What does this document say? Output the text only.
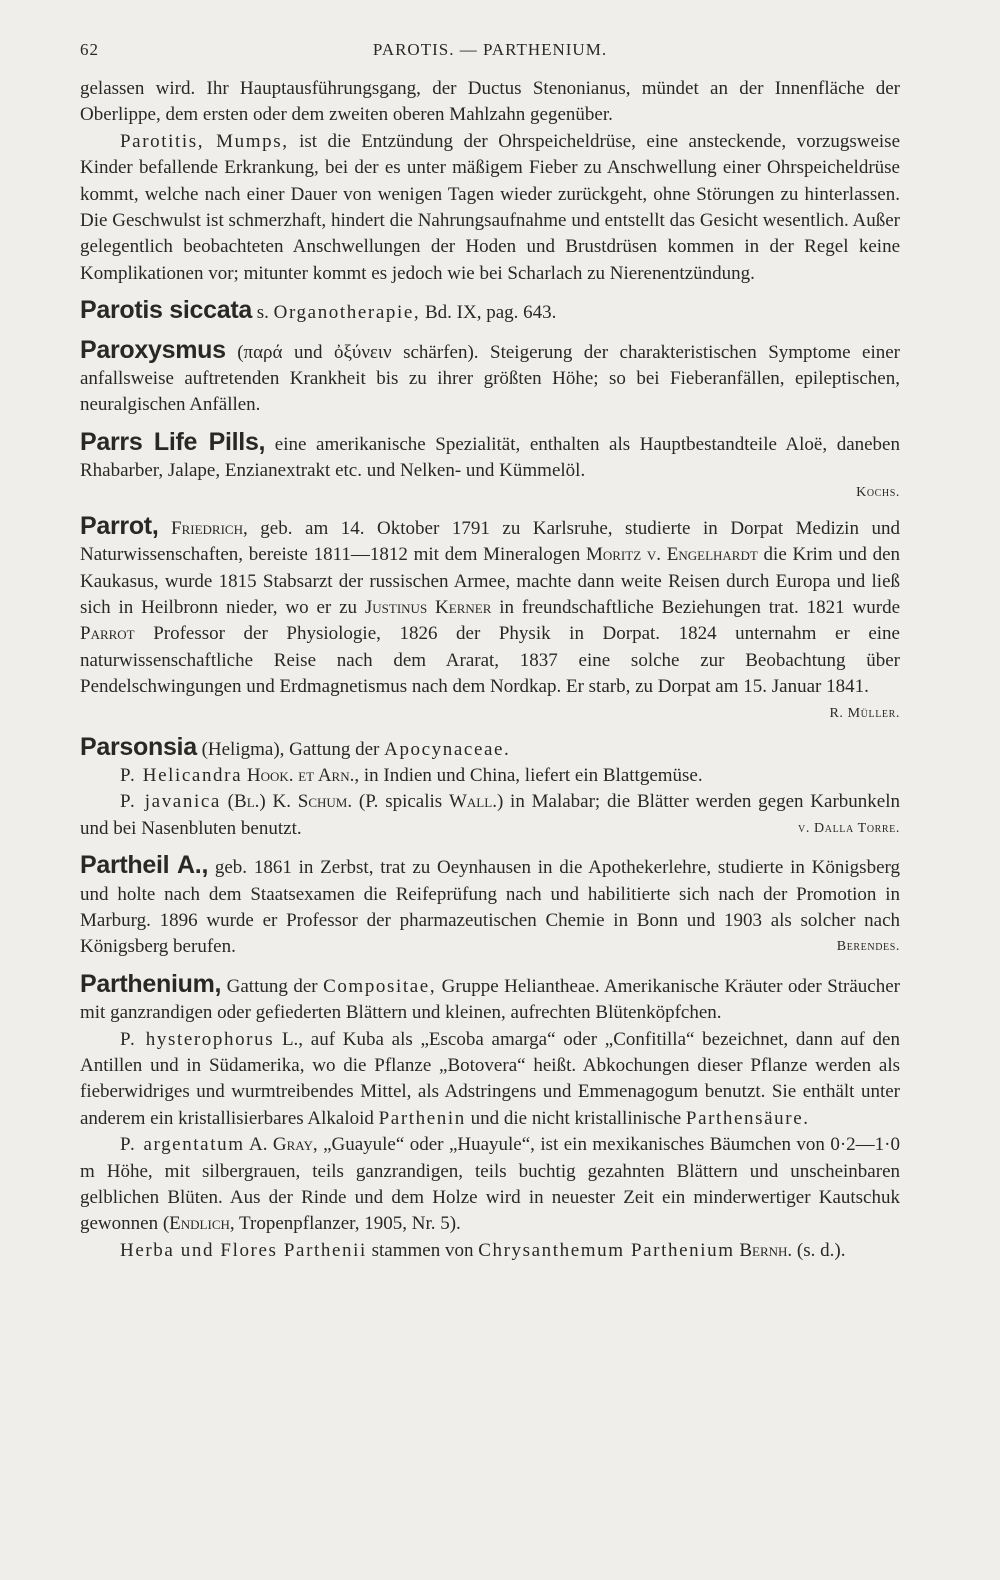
62	PAROTIS. — PARTHENIUM.

gelassen wird. Ihr Hauptausführungsgang, der Ductus Stenonianus, mündet an der Innenfläche der Oberlippe, dem ersten oder dem zweiten oberen Mahlzahn gegenüber.

Parotitis, Mumps, ist die Entzündung der Ohrspeicheldrüse, eine ansteckende, vorzugsweise Kinder befallende Erkrankung, bei der es unter mäßigem Fieber zu Anschwellung einer Ohrspeicheldrüse kommt, welche nach einer Dauer von wenigen Tagen wieder zurückgeht, ohne Störungen zu hinterlassen. Die Geschwulst ist schmerzhaft, hindert die Nahrungsaufnahme und entstellt das Gesicht wesentlich. Außer gelegentlich beobachteten Anschwellungen der Hoden und Brustdrüsen kommen in der Regel keine Komplikationen vor; mitunter kommt es jedoch wie bei Scharlach zu Nierenentzündung.

Parotis siccata s. Organotherapie, Bd. IX, pag. 643.

Paroxysmus (παρά und ὀξύνειν schärfen). Steigerung der charakteristischen Symptome einer anfallsweise auftretenden Krankheit bis zu ihrer größten Höhe; so bei Fieberanfällen, epileptischen, neuralgischen Anfällen.

Parrs Life Pills, eine amerikanische Spezialität, enthalten als Hauptbestandteile Aloë, daneben Rhabarber, Jalape, Enzianextrakt etc. und Nelken- und Kümmelöl.

Kochs.

Parrot, Friedrich, geb. am 14. Oktober 1791 zu Karlsruhe, studierte in Dorpat Medizin und Naturwissenschaften, bereiste 1811—1812 mit dem Mineralogen Moritz v. Engelhardt die Krim und den Kaukasus, wurde 1815 Stabsarzt der russischen Armee, machte dann weite Reisen durch Europa und ließ sich in Heilbronn nieder, wo er zu Justinus Kerner in freundschaftliche Beziehungen trat. 1821 wurde Parrot Professor der Physiologie, 1826 der Physik in Dorpat. 1824 unternahm er eine naturwissenschaftliche Reise nach dem Ararat, 1837 eine solche zur Beobachtung über Pendelschwingungen und Erdmagnetismus nach dem Nordkap. Er starb, zu Dorpat am 15. Januar 1841.
R. Müller.

Parsonsia (Heligma), Gattung der Apocynaceae.

P. Helicandra Hook. et Arn., in Indien und China, liefert ein Blattgemüse.

P. javanica (Bl.) K. Schum. (P. spicalis Wall.) in Malabar; die Blätter werden gegen Karbunkeln und bei Nasenbluten benutzt.	v. Dalla Torre.

Partheil A., geb. 1861 in Zerbst, trat zu Oeynhausen in die Apothekerlehre, studierte in Königsberg und holte nach dem Staatsexamen die Reifeprüfung nach und habilitierte sich nach der Promotion in Marburg. 1896 wurde er Professor der pharmazeutischen Chemie in Bonn und 1903 als solcher nach Königsberg berufen.	Berendes.

Parthenium, Gattung der Compositae, Gruppe Heliantheae. Amerikanische Kräuter oder Sträucher mit ganzrandigen oder gefiederten Blättern und kleinen, aufrechten Blütenköpfchen.

P. hysterophorus L., auf Kuba als „Escoba amarga“ oder „Confitilla“ bezeichnet, dann auf den Antillen und in Südamerika, wo die Pflanze „Botovera“ heißt. Abkochungen dieser Pflanze werden als fieberwidriges und wurmtreibendes Mittel, als Adstringens und Emmenagogum benutzt. Sie enthält unter anderem ein kristallisierbares Alkaloid Parthenin und die nicht kristallinische Parthensäure.

P. argentatum A. Gray, „Guayule“ oder „Huayule“, ist ein mexikanisches Bäumchen von 0·2—1·0 m Höhe, mit silbergrauen, teils ganzrandigen, teils buchtig gezahnten Blättern und unscheinbaren gelblichen Blüten. Aus der Rinde und dem Holze wird in neuester Zeit ein minderwertiger Kautschuk gewonnen (Endlich, Tropenpflanzer, 1905, Nr. 5).

Herba und Flores Parthenii stammen von Chrysanthemum Parthenium Bernh. (s. d.).
